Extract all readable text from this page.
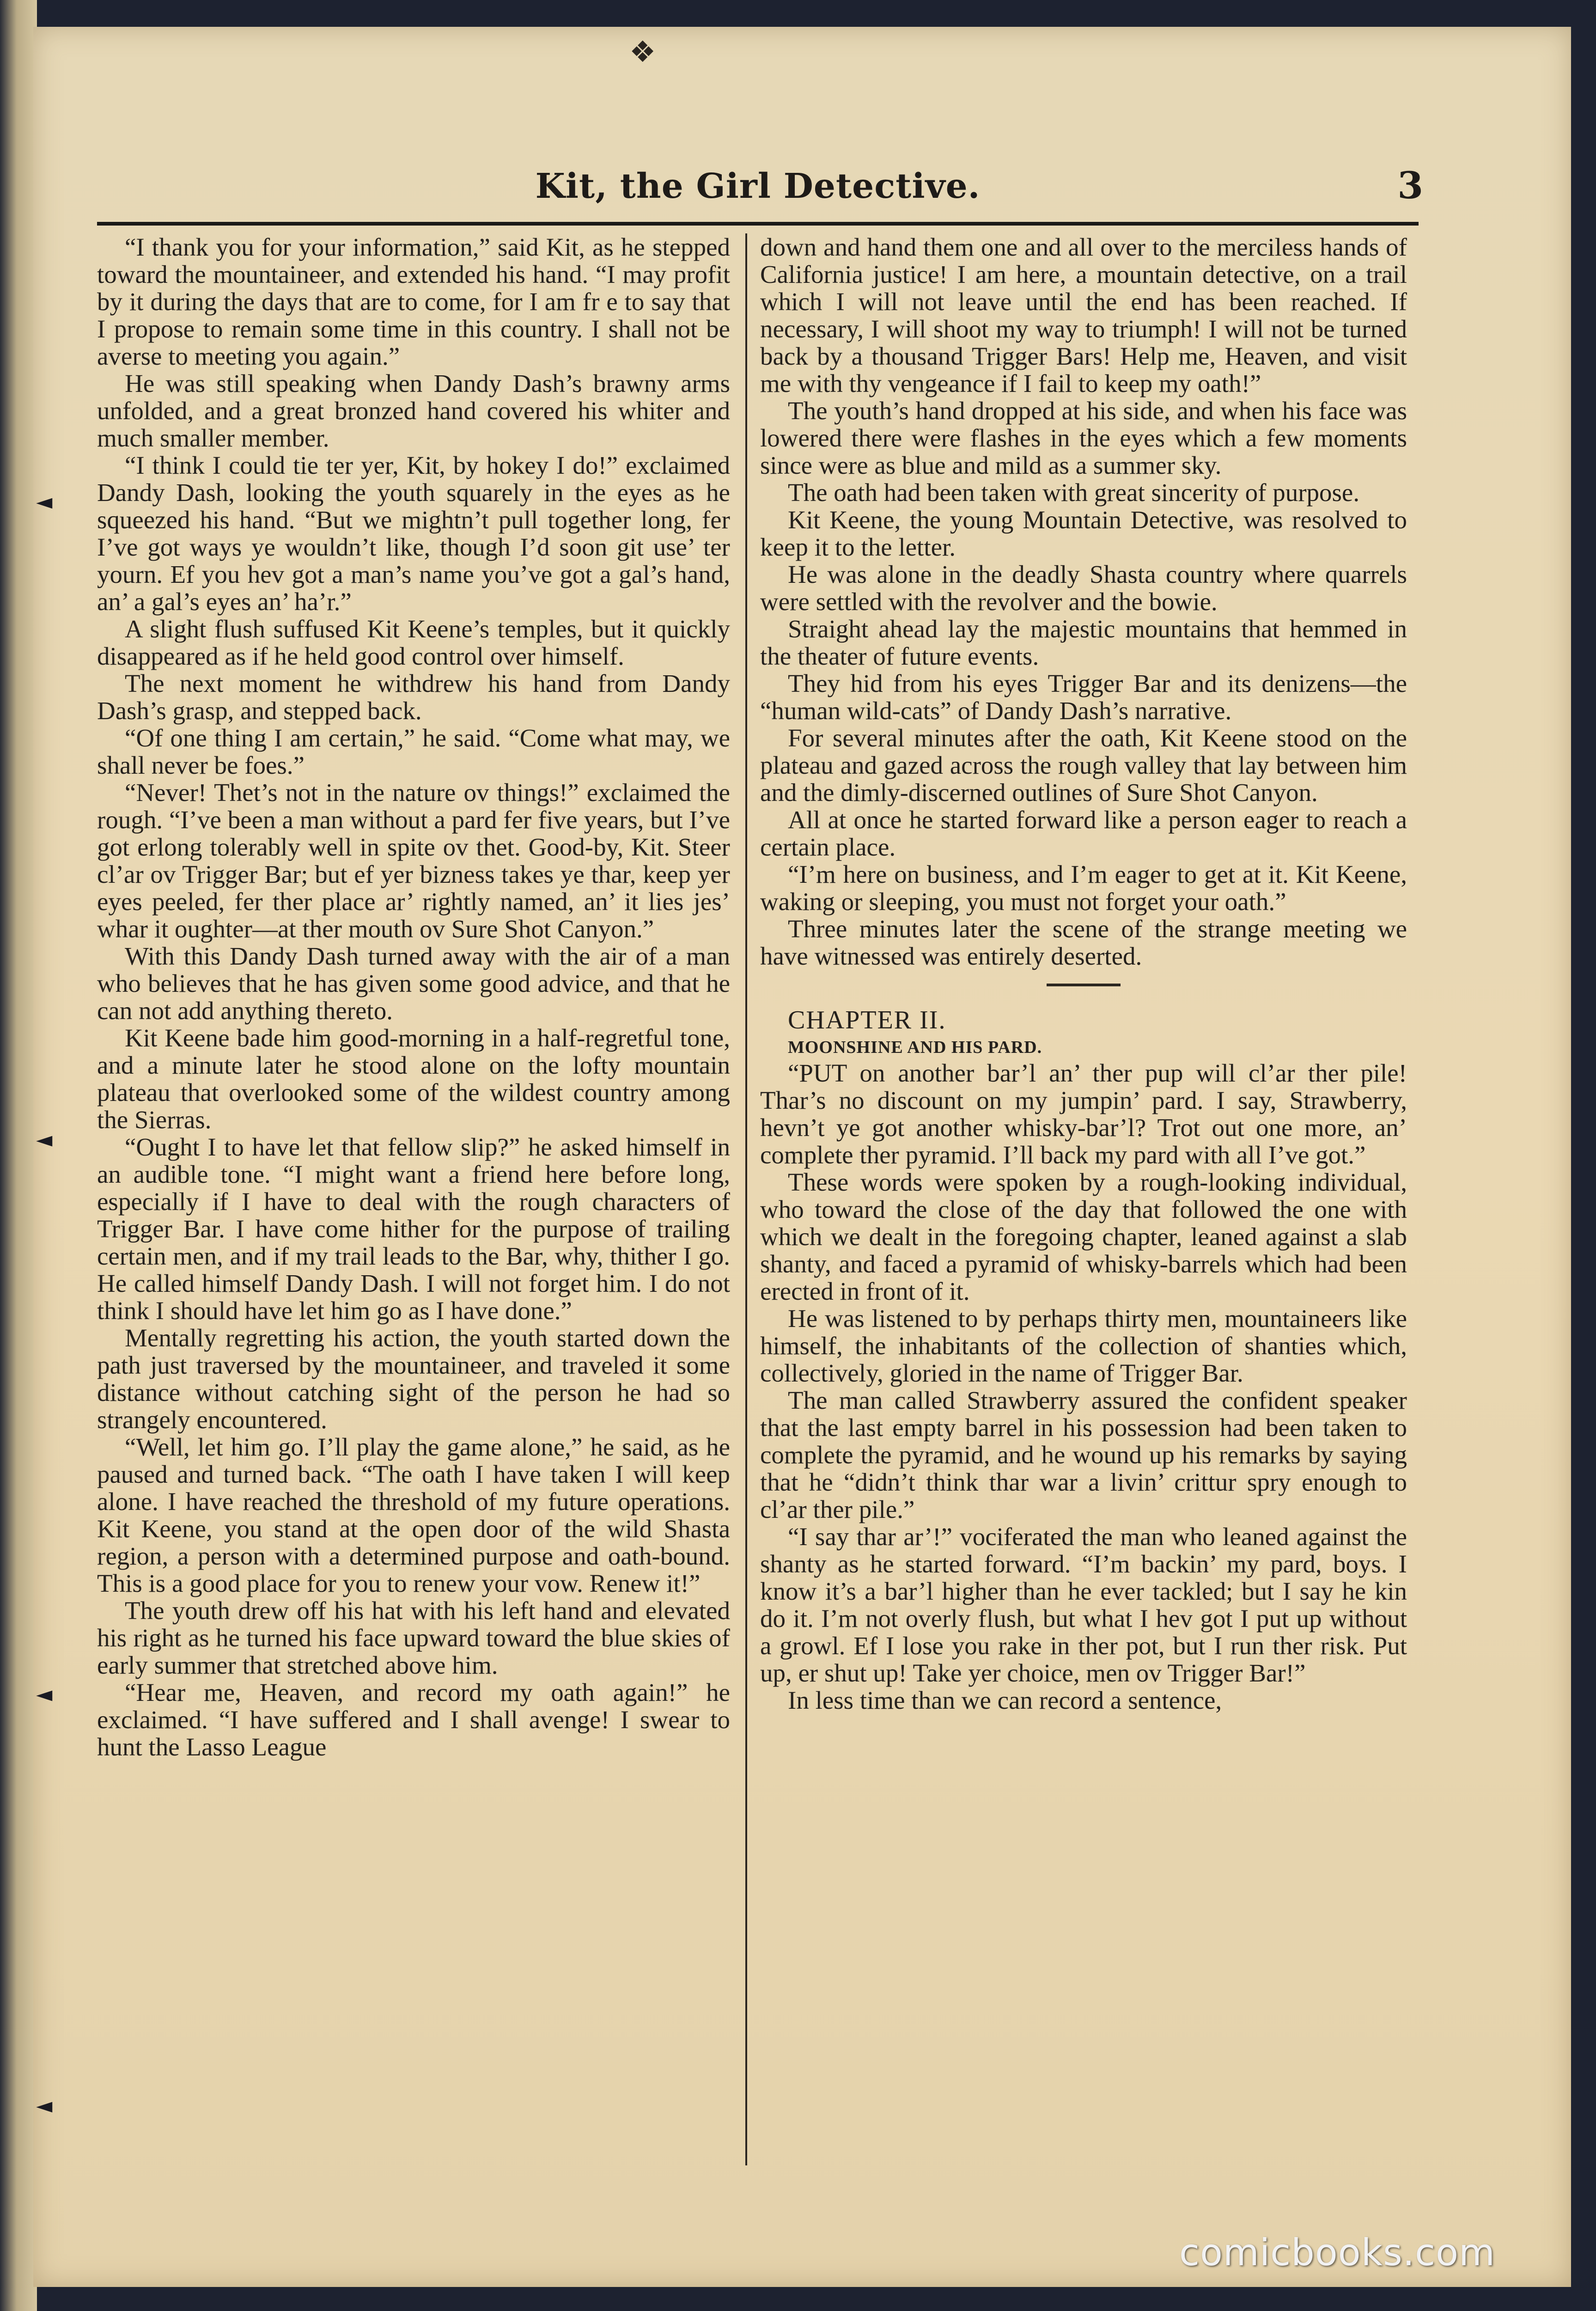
❖
◄
◄
◄
◄
Kit, the Girl Detective.	3

“I thank you for your information,” said Kit, as he stepped toward the mountaineer, and extended his hand. “I may profit by it during the days that are to come, for I am fr e to say that I propose to remain some time in this country. I shall not be averse to meeting you again.”

He was still speaking when Dandy Dash’s brawny arms unfolded, and a great bronzed hand covered his whiter and much smaller member.

“I think I could tie ter yer, Kit, by hokey I do!” exclaimed Dandy Dash, looking the youth squarely in the eyes as he squeezed his hand. “But we mightn’t pull together long, fer I’ve got ways ye wouldn’t like, though I’d soon git use’ ter yourn. Ef you hev got a man’s name you’ve got a gal’s hand, an’ a gal’s eyes an’ ha’r.”

A slight flush suffused Kit Keene’s temples, but it quickly disappeared as if he held good control over himself.

The next moment he withdrew his hand from Dandy Dash’s grasp, and stepped back.

“Of one thing I am certain,” he said. “Come what may, we shall never be foes.”

“Never! Thet’s not in the nature ov things!” exclaimed the rough. “I’ve been a man without a pard fer five years, but I’ve got erlong tolerably well in spite ov thet. Good-by, Kit. Steer cl’ar ov Trigger Bar; but ef yer bizness takes ye thar, keep yer eyes peeled, fer ther place ar’ rightly named, an’ it lies jes’ whar it oughter—at ther mouth ov Sure Shot Canyon.”

With this Dandy Dash turned away with the air of a man who believes that he has given some good advice, and that he can not add anything thereto.

Kit Keene bade him good-morning in a half-regretful tone, and a minute later he stood alone on the lofty mountain plateau that overlooked some of the wildest country among the Sierras.

“Ought I to have let that fellow slip?” he asked himself in an audible tone. “I might want a friend here before long, especially if I have to deal with the rough characters of Trigger Bar. I have come hither for the purpose of trailing certain men, and if my trail leads to the Bar, why, thither I go. He called himself Dandy Dash. I will not forget him. I do not think I should have let him go as I have done.”

Mentally regretting his action, the youth started down the path just traversed by the mountaineer, and traveled it some distance without catching sight of the person he had so strangely encountered.

“Well, let him go. I’ll play the game alone,” he said, as he paused and turned back. “The oath I have taken I will keep alone. I have reached the threshold of my future operations. Kit Keene, you stand at the open door of the wild Shasta region, a person with a determined purpose and oath-bound. This is a good place for you to renew your vow. Renew it!”

The youth drew off his hat with his left hand and elevated his right as he turned his face upward toward the blue skies of early summer that stretched above him.

“Hear me, Heaven, and record my oath again!” he exclaimed. “I have suffered and I shall avenge! I swear to hunt the Lasso League

down and hand them one and all over to the merciless hands of California justice! I am here, a mountain detective, on a trail which I will not leave until the end has been reached. If necessary, I will shoot my way to triumph! I will not be turned back by a thousand Trigger Bars! Help me, Heaven, and visit me with thy vengeance if I fail to keep my oath!”

The youth’s hand dropped at his side, and when his face was lowered there were flashes in the eyes which a few moments since were as blue and mild as a summer sky.

The oath had been taken with great sincerity of purpose.

Kit Keene, the young Mountain Detective, was resolved to keep it to the letter.

He was alone in the deadly Shasta country where quarrels were settled with the revolver and the bowie.

Straight ahead lay the majestic mountains that hemmed in the theater of future events.

They hid from his eyes Trigger Bar and its denizens—the “human wild-cats” of Dandy Dash’s narrative.

For several minutes after the oath, Kit Keene stood on the plateau and gazed across the rough valley that lay between him and the dimly-discerned outlines of Sure Shot Canyon.

All at once he started forward like a person eager to reach a certain place.

“I’m here on business, and I’m eager to get at it. Kit Keene, waking or sleeping, you must not forget your oath.”

Three minutes later the scene of the strange meeting we have witnessed was entirely deserted.

CHAPTER II.

MOONSHINE AND HIS PARD.

“PUT on another bar’l an’ ther pup will cl’ar ther pile! Thar’s no discount on my jumpin’ pard. I say, Strawberry, hevn’t ye got another whisky-bar’l? Trot out one more, an’ complete ther pyramid. I’ll back my pard with all I’ve got.”

These words were spoken by a rough-looking individual, who toward the close of the day that followed the one with which we dealt in the foregoing chapter, leaned against a slab shanty, and faced a pyramid of whisky-barrels which had been erected in front of it.

He was listened to by perhaps thirty men, mountaineers like himself, the inhabitants of the collection of shanties which, collectively, gloried in the name of Trigger Bar.

The man called Strawberry assured the confident speaker that the last empty barrel in his possession had been taken to complete the pyramid, and he wound up his remarks by saying that he “didn’t think thar war a livin’ crittur spry enough to cl’ar ther pile.”

“I say thar ar’!” vociferated the man who leaned against the shanty as he started forward. “I’m backin’ my pard, boys. I know it’s a bar’l higher than he ever tackled; but I say he kin do it. I’m not overly flush, but what I hev got I put up without a growl. Ef I lose you rake in ther pot, but I run ther risk. Put up, er shut up! Take yer choice, men ov Trigger Bar!”

In less time than we can record a sentence,

comicbooks.com
